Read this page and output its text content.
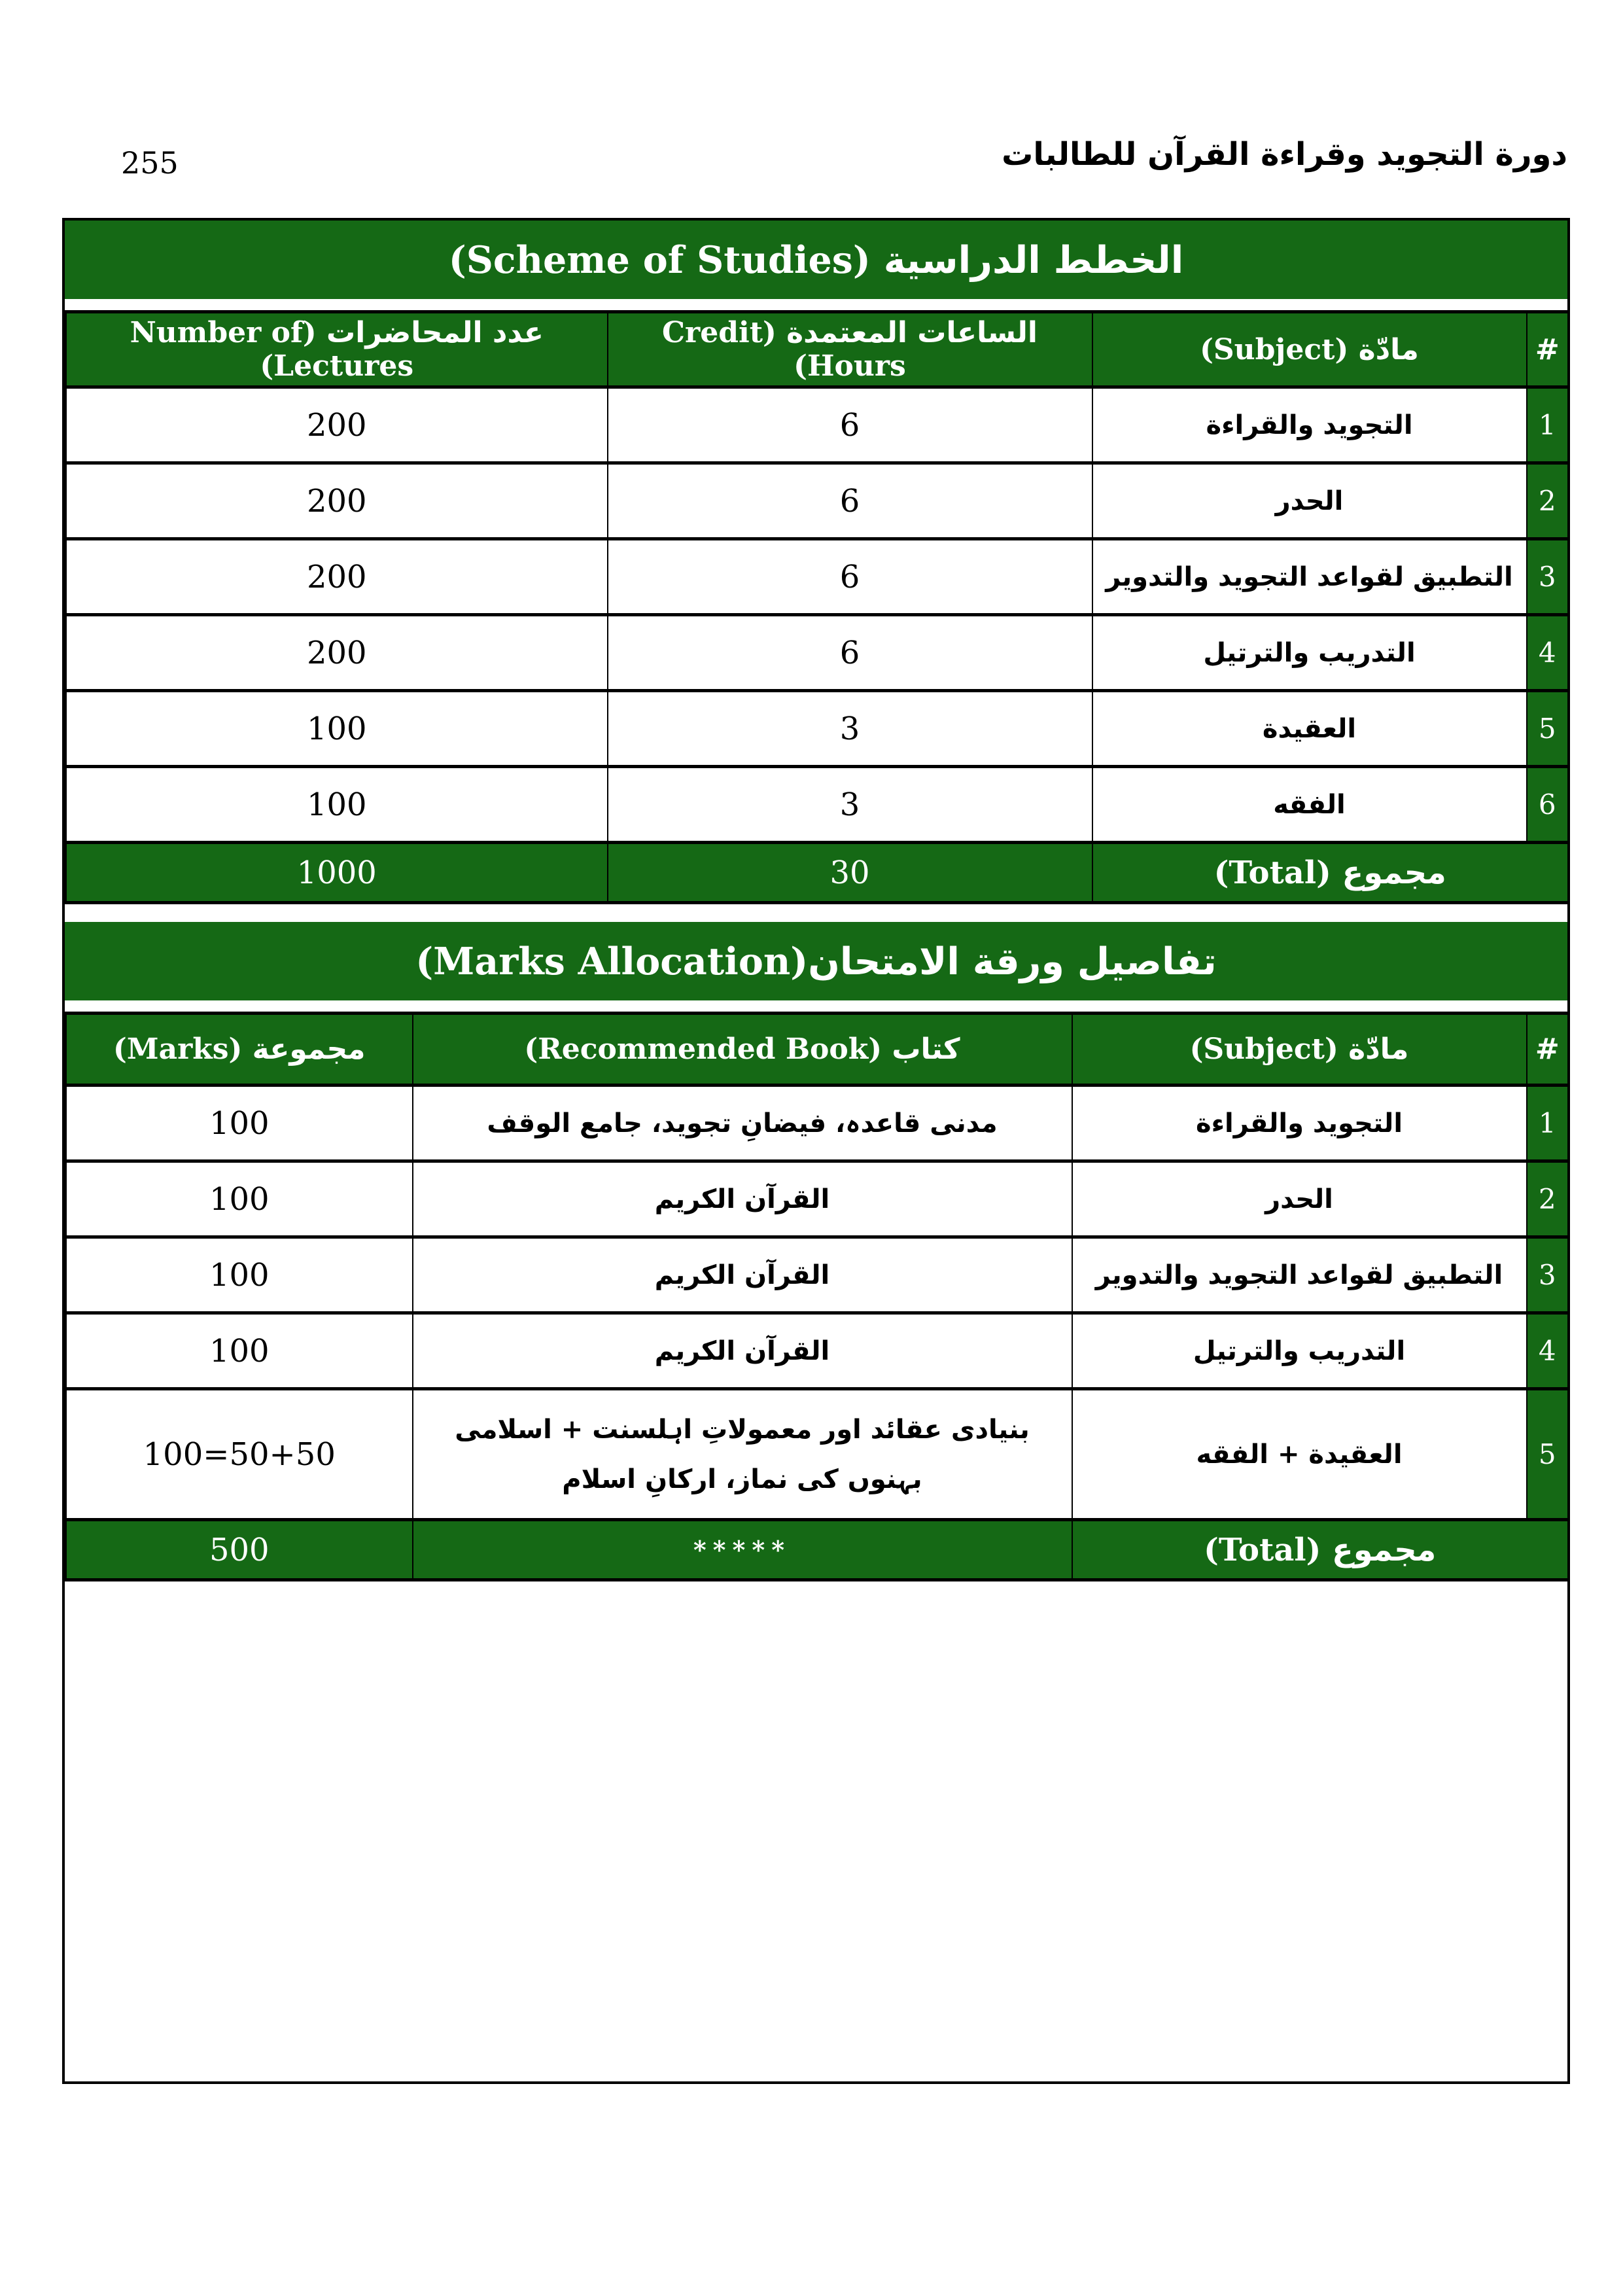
255	دورة التجويد وقراءة القرآن للطالبات
الخطط الدراسية (Scheme of Studies)
#	مادّة (Subject)	الساعات المعتمدة (Credit Hours)	عدد المحاضرات (Number of Lectures)
1	التجويد والقراءة	6	200
2	الحدر	6	200
3	التطبيق لقواعد التجويد والتدوير	6	200
4	التدريب والترتيل	6	200
5	العقيدة	3	100
6	الفقه	3	100
مجموع (Total)		30	1000
تفاصيل ورقة الامتحان(Marks Allocation)
#	مادّة (Subject)	كتاب (Recommended Book)	مجموعة (Marks)
1	التجويد والقراءة	مدنی قاعدہ، فیضانِ تجوید، جامع الوقف	100
2	الحدر	القرآن الكريم	100
3	التطبيق لقواعد التجويد والتدوير	القرآن الكريم	100
4	التدريب والترتيل	القرآن الكريم	100
5	العقيدة + الفقه	بنیادی عقائد اور معمولاتِ اہلسنت + اسلامی بہنوں کی نماز، ارکانِ اسلام	100=50+50
مجموع (Total)		*****	500
